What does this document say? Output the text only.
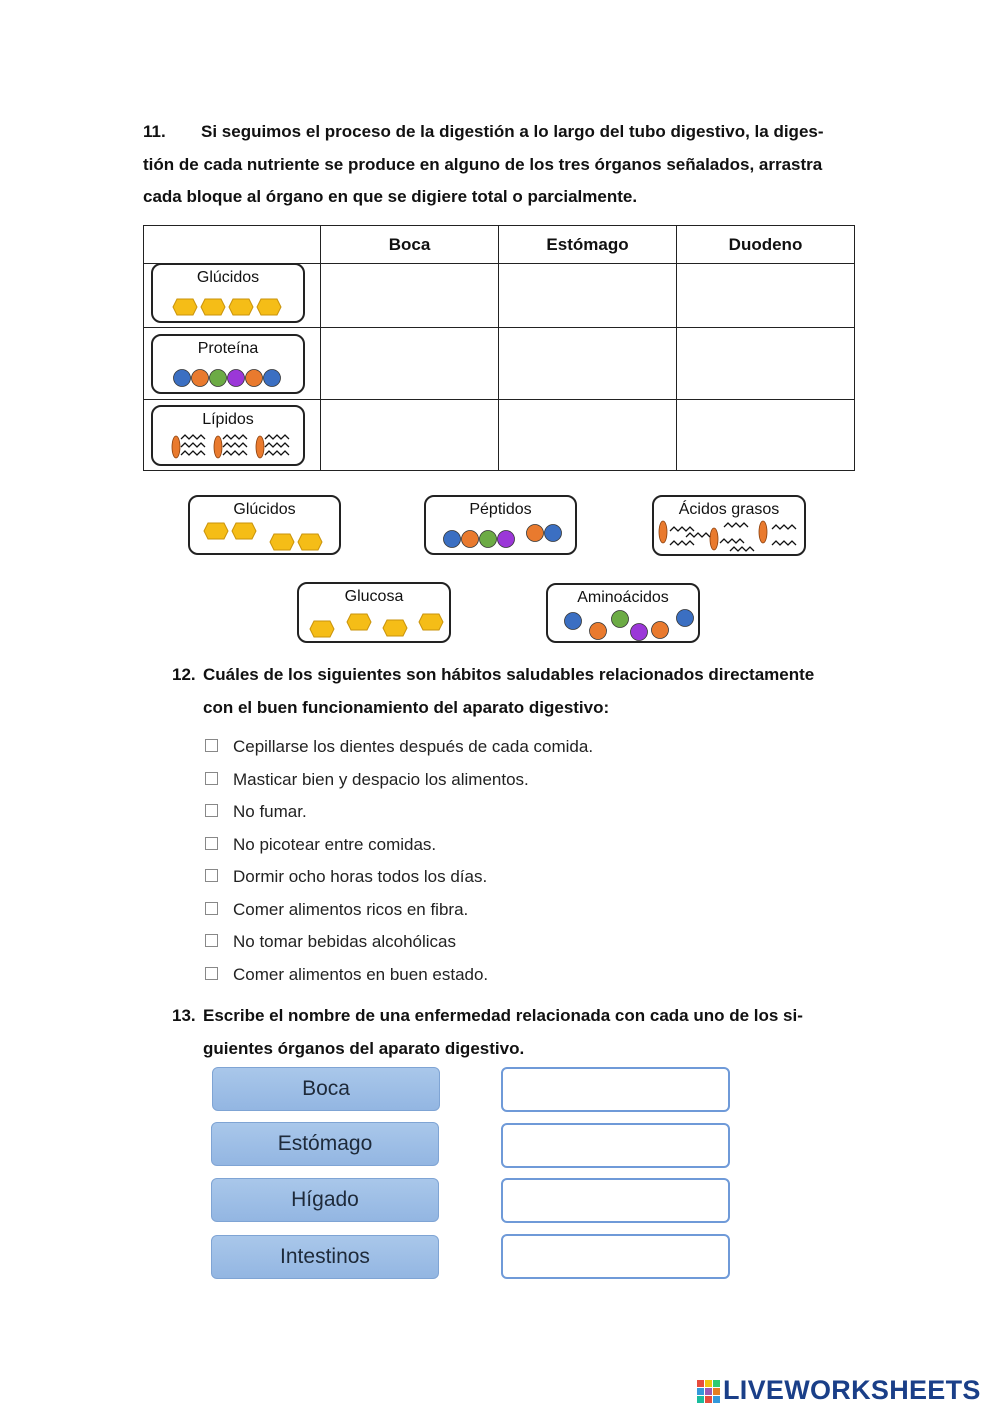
11. Si seguimos el proceso de la digestión a lo largo del tubo digestivo, la diges- tión de cada nutriente se produce en alguno de los tres órganos señalados, arrastra cada bloque al órgano en que se digiere total o parcialmente.
	Boca	Estómago	Duodeno

Glúcidos
Proteína
Lípidos
Glúcidos	Péptidos	Ácidos grasos
Glucosa	Aminoácidos
12. Cuáles de los siguientes son hábitos saludables relacionados directamente con el buen funcionamiento del aparato digestivo:
Cepillarse los dientes después de cada comida.
Masticar bien y despacio los alimentos.
No fumar.
No picotear entre comidas.
Dormir ocho horas todos los días.
Comer alimentos ricos en fibra.
No tomar bebidas alcohólicas
Comer alimentos en buen estado.
13. Escribe el nombre de una enfermedad relacionada con cada uno de los si- guientes órganos del aparato digestivo.
Boca
Estómago
Hígado
Intestinos
LIVEWORKSHEETS
